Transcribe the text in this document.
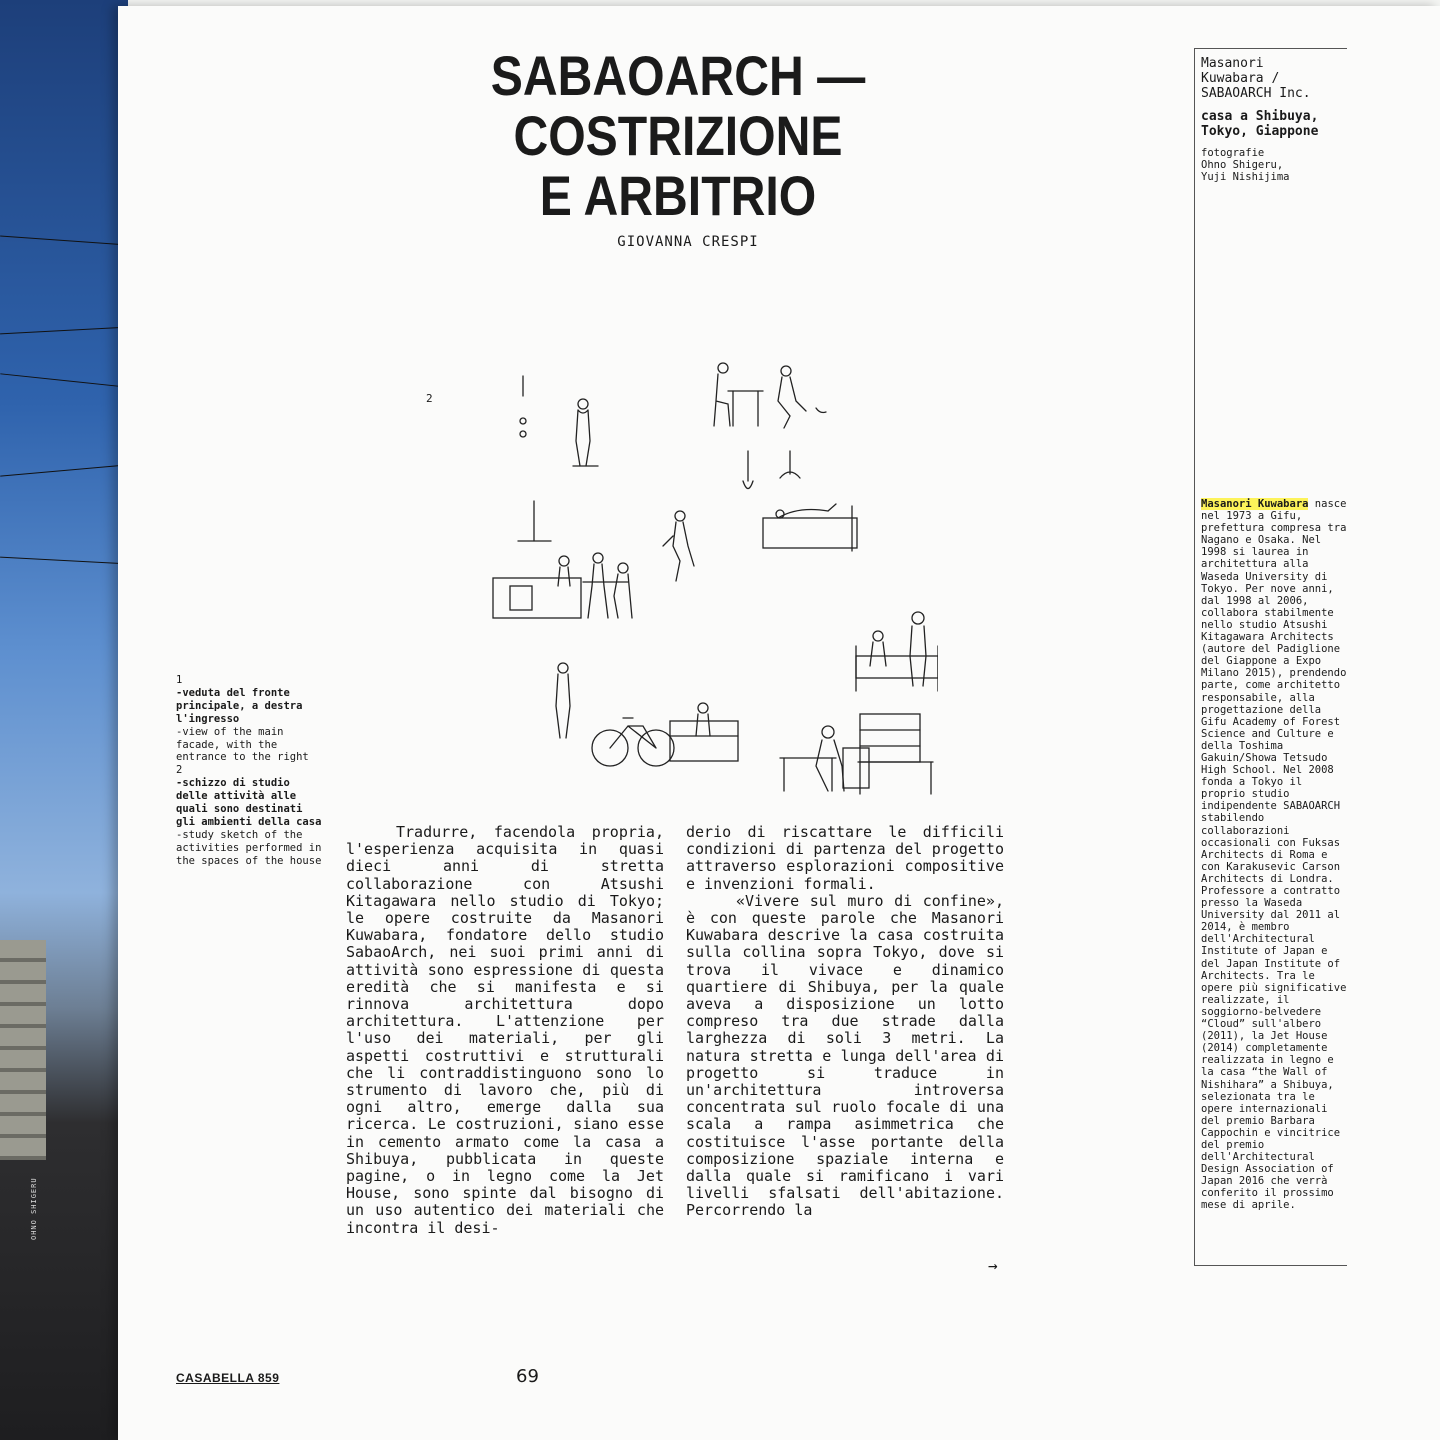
OHNO SHIGERU
SABAOARCH — COSTRIZIONE
E ARBITRIO
GIOVANNA CRESPI
Masanori
Kuwabara /
SABAOARCH Inc.
casa a Shibuya,
Tokyo, Giappone
fotografie
Ohno Shigeru,
Yuji Nishijima
Masanori Kuwabara nasce nel 1973 a Gifu, prefettura compresa tra Nagano e Osaka. Nel 1998 si laurea in architettura alla Waseda University di Tokyo. Per nove anni, dal 1998 al 2006, collabora stabilmente nello studio Atsushi Kitagawara Architects (autore del Padiglione del Giappone a Expo Milano 2015), prendendo parte, come architetto responsabile, alla progettazione della Gifu Academy of Forest Science and Culture e della Toshima Gakuin/Showa Tetsudo High School. Nel 2008 fonda a Tokyo il proprio studio indipendente SABAOARCH stabilendo collaborazioni occasionali con Fuksas Architects di Roma e con Karakusevic Carson Architects di Londra. Professore a contratto presso la Waseda University dal 2011 al 2014, è membro dell'Architectural Institute of Japan e del Japan Institute of Architects. Tra le opere più significative realizzate, il soggiorno-belvedere “Cloud” sull'albero (2011), la Jet House (2014) completamente realizzata in legno e la casa “the Wall of Nishihara” a Shibuya, selezionata tra le opere internazionali del premio Barbara Cappochin e vincitrice del premio dell'Architectural Design Association of Japan 2016 che verrà conferito il prossimo mese di aprile.
1
-veduta del fronte principale, a destra l'ingresso
-view of the main facade, with the entrance to the right
2
-schizzo di studio delle attività alle quali sono destinati gli ambienti della casa
-study sketch of the activities performed in the spaces of the house
2

Tradurre, facendola propria, l'esperienza acquisita in quasi dieci anni di stretta collaborazione con Atsushi Kitagawara nello studio di Tokyo; le opere costruite da Masanori Kuwabara, fondatore dello studio SabaoArch, nei suoi primi anni di attività sono espressione di questa eredità che si manifesta e si rinnova architettura dopo architettura. L'attenzione per l'uso dei materiali, per gli aspetti costruttivi e strutturali che li contraddistinguono sono lo strumento di lavoro che, più di ogni altro, emerge dalla sua ricerca. Le costruzioni, siano esse in cemento armato come la casa a Shibuya, pubblicata in queste pagine, o in legno come la Jet House, sono spinte dal bisogno di un uso autentico dei materiali che incontra il desi-

derio di riscattare le difficili condizioni di partenza del progetto attraverso esplorazioni compositive e invenzioni formali.

«Vivere sul muro di confine», è con queste parole che Masanori Kuwabara descrive la casa costruita sulla collina sopra Tokyo, dove si trova il vivace e dinamico quartiere di Shibuya, per la quale aveva a disposizione un lotto compreso tra due strade dalla larghezza di soli 3 metri. La natura stretta e lunga dell'area di progetto si traduce in un'architettura introversa concentrata sul ruolo focale di una scala a rampa asimmetrica che costituisce l'asse portante della composizione spaziale interna e dalla quale si ramificano i vari livelli sfalsati dell'abitazione. Percorrendo la

→
CASABELLA 859	69
